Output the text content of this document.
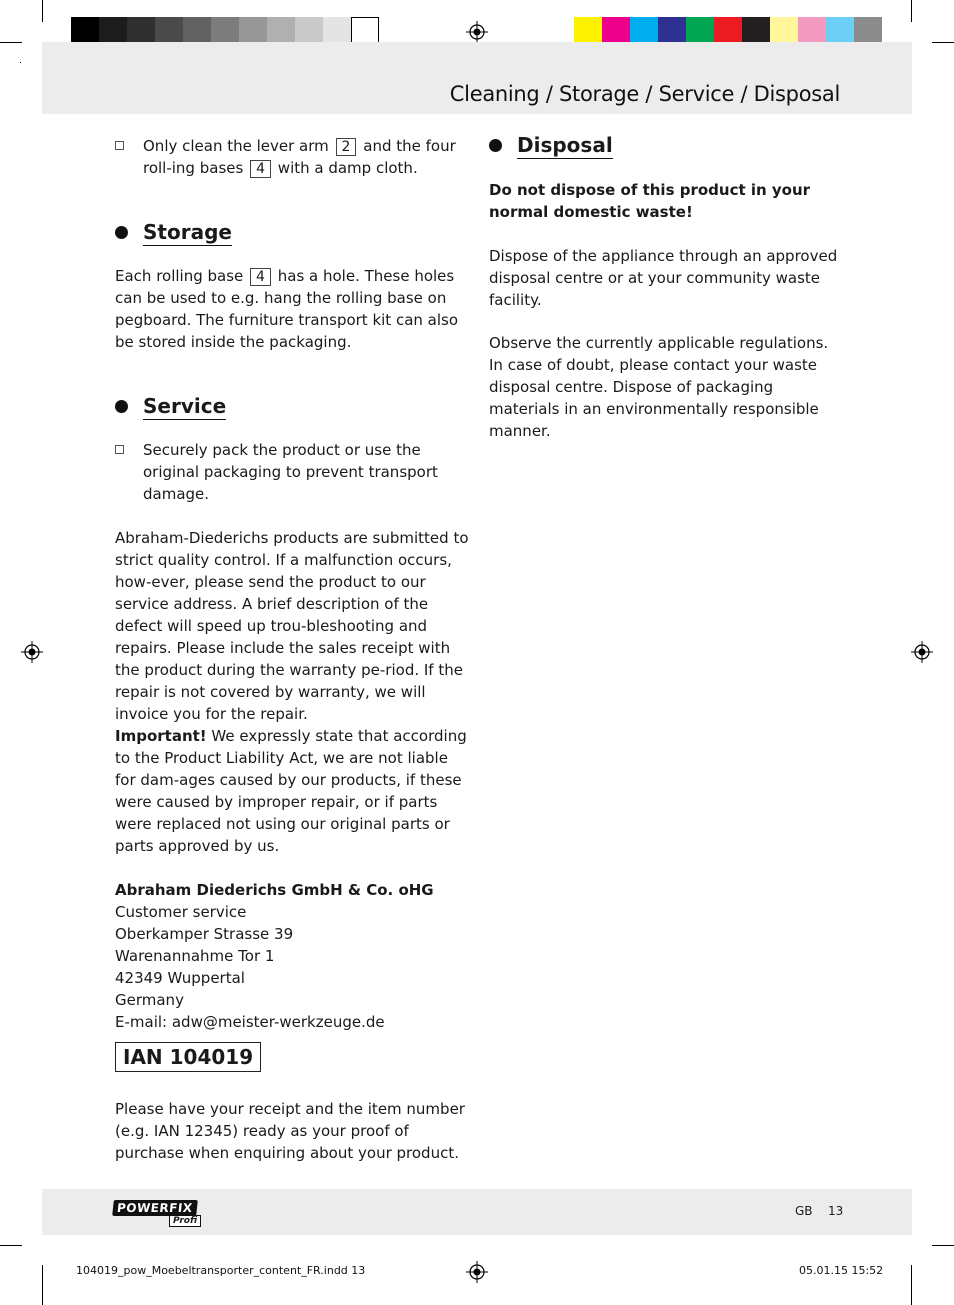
Cleaning / Storage / Service / Disposal
Only clean the lever arm 2 and the four roll-ing bases 4 with a damp cloth.
Storage

Each rolling base 4 has a hole. These holes can be used to e.g. hang the rolling base on pegboard. The furniture transport kit can also be stored inside the packaging.

Service
Securely pack the product or use the original packaging to prevent transport damage.

Abraham-Diederichs products are submitted to strict quality control. If a malfunction occurs, how-ever, please send the product to our service address. A brief description of the defect will speed up trou-bleshooting and repairs. Please include the sales receipt with the product during the warranty pe-riod. If the repair is not covered by warranty, we will invoice you for the repair.

Important! We expressly state that according to the Product Liability Act, we are not liable for dam-ages caused by our products, if these were caused by improper repair, or if parts were replaced not using our original parts or parts approved by us.

Abraham Diederichs GmbH & Co. oHG

Customer service

Oberkamper Strasse 39

Warenannahme Tor 1

42349 Wuppertal

Germany

E-mail: adw@meister-werkzeuge.de

IAN 104019

Please have your receipt and the item number (e.g. IAN 12345) ready as your proof of purchase when enquiring about your product.

Disposal

Do not dispose of this product in your normal domestic waste!

Dispose of the appliance through an approved disposal centre or at your community waste facility.

Observe the currently applicable regulations. In case of doubt, please contact your waste disposal centre. Dispose of packaging materials in an environmentally responsible manner.

POWERFIX
Profi
GB 13
104019_pow_Moebeltransporter_content_FR.indd 13	05.01.15 15:52
